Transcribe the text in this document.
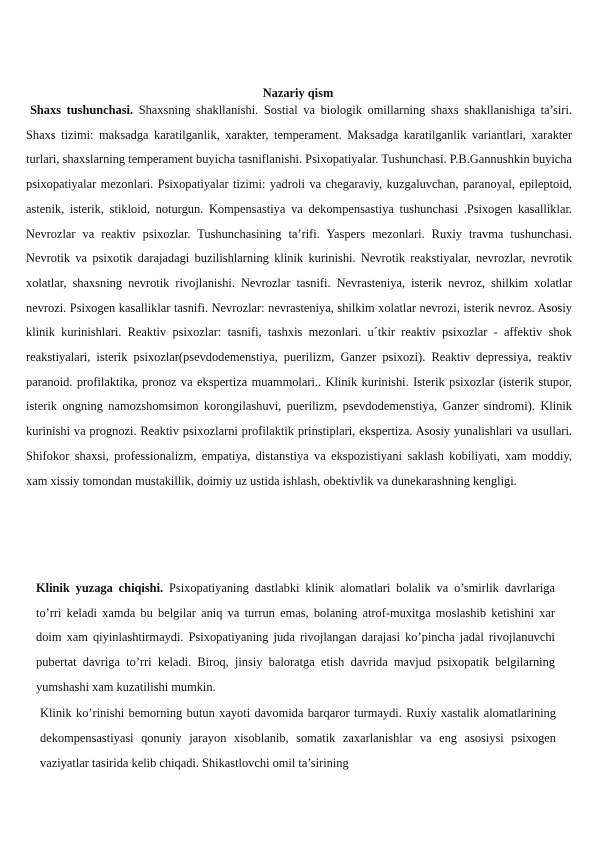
Nazariy qism

Shaxs tushunchasi. Shaxsning shakllanishi. Sostial va biologik omillarning shaxs shakllanishiga ta’siri. Shaxs tizimi: maksadga karatilganlik, xarakter, temperament. Maksadga karatilganlik variantlari, xarakter turlari, shaxslarning temperament buyicha tasniflanishi. Psixopatiyalar. Tushunchasi. P.B.Gannushkin buyicha psixopatiyalar mezonlari. Psixopatiyalar tizimi: yadroli va chegaraviy, kuzgaluvchan, paranoyal, epileptoid, astenik, isterik, stikloid, noturgun. Kompensastiya va dekompensastiya tushunchasi .Psixogen kasalliklar. Nevrozlar va reaktiv psixozlar. Tushunchasining ta’rifi. Yaspers mezonlari. Ruxiy travma tushunchasi. Nevrotik va psixotik darajadagi buzilishlarning klinik kurinishi. Nevrotik reakstiyalar, nevrozlar, nevrotik xolatlar, shaxsning nevrotik rivojlanishi. Nevrozlar tasnifi. Nevrasteniya, isterik nevroz, shilkim xolatlar nevrozi. Psixogen kasalliklar tasnifi. Nevrozlar: nevrasteniya, shilkim xolatlar nevrozi, isterik nevroz. Asosiy klinik kurinishlari. Reaktiv psixozlar: tasnifi, tashxis mezonlari. u´tkir reaktiv psixozlar - affektiv shok reakstiyalari, isterik psixozlar(psevdodemenstiya, puerilizm, Ganzer psixozi). Reaktiv depressiya, reaktiv paranoid. profilaktika, pronoz va ekspertiza muammolari.. Klinik kurinishi. Isterik psixozlar (isterik stupor, isterik ongning namozshomsimon korongilashuvi, puerilizm, psevdodemenstiya, Ganzer sindromi). Klinik kurinishi va prognozi. Reaktiv psixozlarni profilaktik prinstiplari, ekspertiza. Asosiy yunalishlari va usullari. Shifokor shaxsi, professionalizm, empatiya, distanstiya va ekspozistiyani saklash kobiliyati, xam moddiy, xam xissiy tomondan mustakillik, doimiy uz ustida ishlash, obektivlik va dunekarashning kengligi.

Klinik yuzaga chiqishi. Psixopatiyaning dastlabki klinik alomatlari bolalik va o’smirlik davrlariga to’rri keladi xamda bu belgilar aniq va turrun emas, bolaning atrof-muxitga moslashib ketishini xar doim xam qiyinlashtirmaydi. Psixopatiyaning juda rivojlangan darajasi ko’pincha jadal rivojlanuvchi pubertat davriga to’rri keladi. Biroq, jinsiy baloratga etish davrida mavjud psixopatik belgilarning yumshashi xam kuzatilishi mumkin.

Klinik ko’rinishi bemorning butun xayoti davomida barqaror turmaydi. Ruxiy xastalik alomatlarining dekompensastiyasi qonuniy jarayon xisoblanib, somatik zaxarlanishlar va eng asosiysi psixogen vaziyatlar tasirida kelib chiqadi. Shikastlovchi omil ta’sirining
